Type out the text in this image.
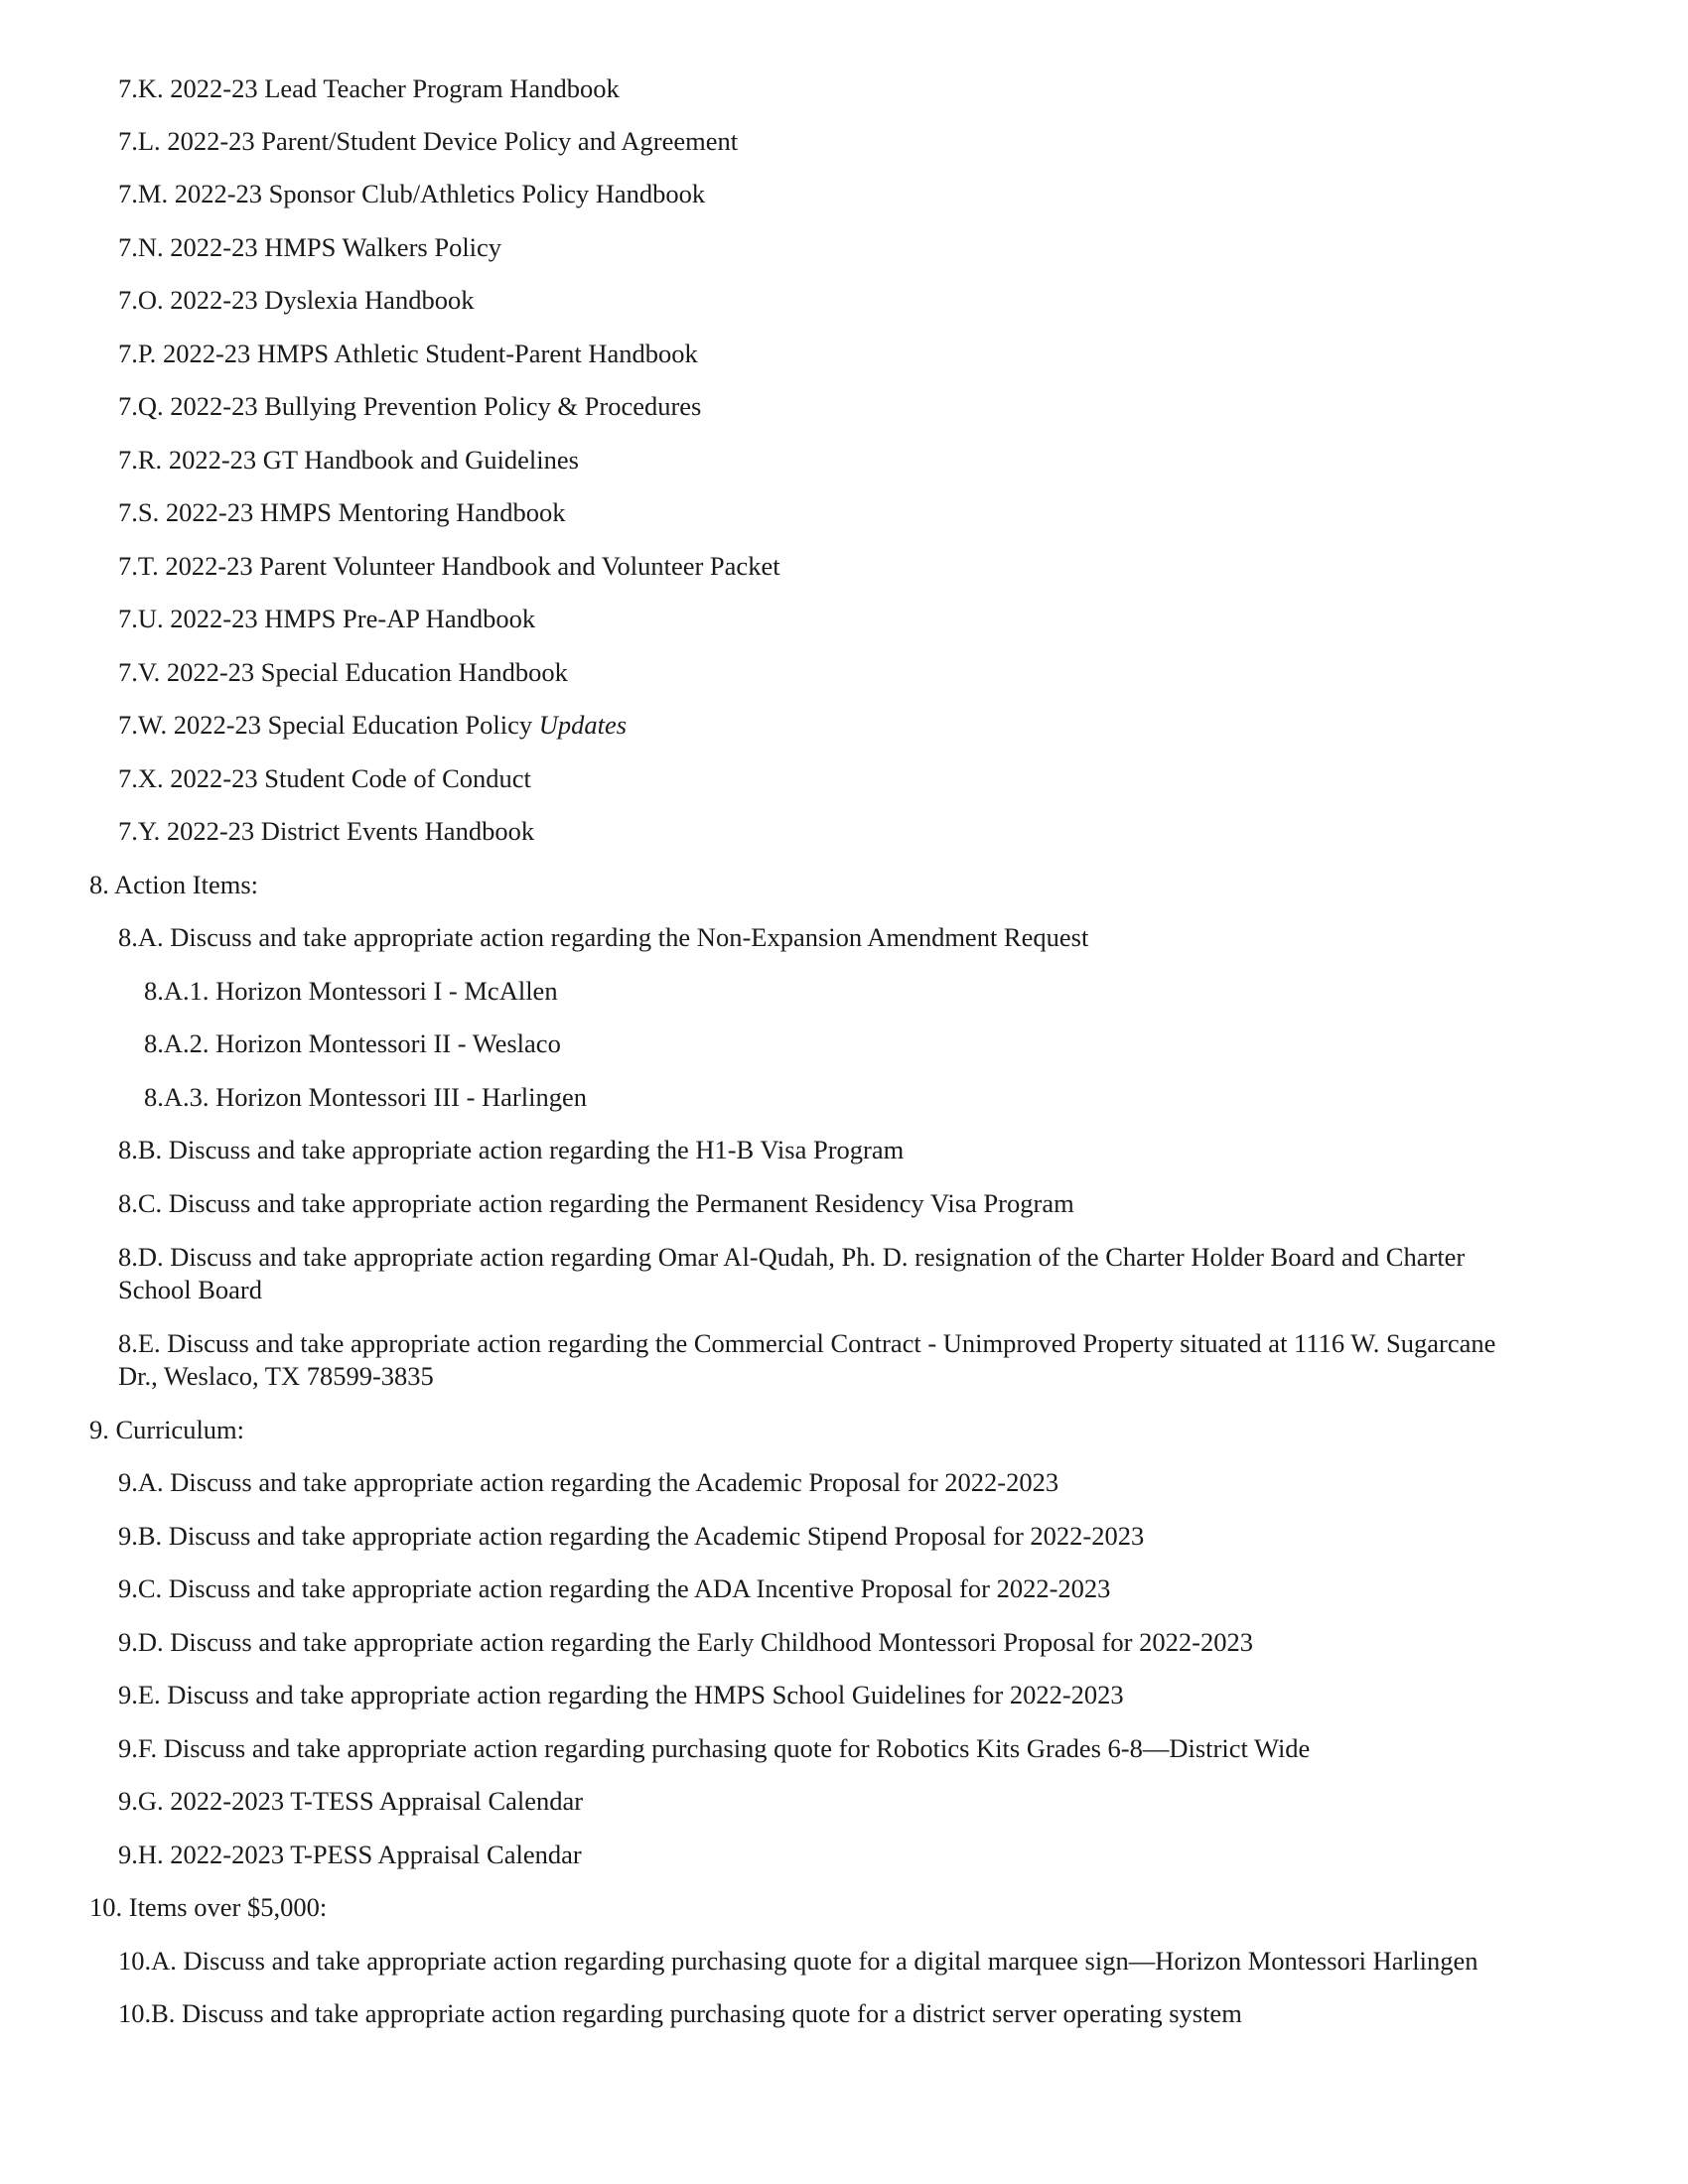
7.K. 2022-23 Lead Teacher Program Handbook
7.L. 2022-23 Parent/Student Device Policy and Agreement
7.M. 2022-23 Sponsor Club/Athletics Policy Handbook
7.N. 2022-23 HMPS Walkers Policy
7.O. 2022-23 Dyslexia Handbook
7.P. 2022-23 HMPS Athletic Student-Parent Handbook
7.Q. 2022-23 Bullying Prevention Policy & Procedures
7.R. 2022-23 GT Handbook and Guidelines
7.S. 2022-23 HMPS Mentoring Handbook
7.T. 2022-23 Parent Volunteer Handbook and Volunteer Packet
7.U. 2022-23 HMPS Pre-AP Handbook
7.V. 2022-23 Special Education Handbook
7.W. 2022-23 Special Education Policy Updates
7.X. 2022-23 Student Code of Conduct
7.Y. 2022-23 District Events Handbook
8. Action Items:
8.A. Discuss and take appropriate action regarding the Non-Expansion Amendment Request
8.A.1. Horizon Montessori I - McAllen
8.A.2. Horizon Montessori II - Weslaco
8.A.3. Horizon Montessori III - Harlingen
8.B. Discuss and take appropriate action regarding the H1-B Visa Program
8.C. Discuss and take appropriate action regarding the Permanent Residency Visa Program
8.D. Discuss and take appropriate action regarding Omar Al-Qudah, Ph. D. resignation of the Charter Holder Board and Charter
School Board
8.E. Discuss and take appropriate action regarding the Commercial Contract - Unimproved Property situated at 1116 W. Sugarcane
Dr., Weslaco, TX 78599-3835
9. Curriculum:
9.A. Discuss and take appropriate action regarding the Academic Proposal for 2022-2023
9.B. Discuss and take appropriate action regarding the Academic Stipend Proposal for 2022-2023
9.C. Discuss and take appropriate action regarding the ADA Incentive Proposal for 2022-2023
9.D. Discuss and take appropriate action regarding the Early Childhood Montessori Proposal for 2022-2023
9.E. Discuss and take appropriate action regarding the HMPS School Guidelines for 2022-2023
9.F. Discuss and take appropriate action regarding purchasing quote for Robotics Kits Grades 6-8—District Wide
9.G. 2022-2023 T-TESS Appraisal Calendar
9.H. 2022-2023 T-PESS Appraisal Calendar
10. Items over $5,000:
10.A. Discuss and take appropriate action regarding purchasing quote for a digital marquee sign—Horizon Montessori Harlingen
10.B. Discuss and take appropriate action regarding purchasing quote for a district server operating system
